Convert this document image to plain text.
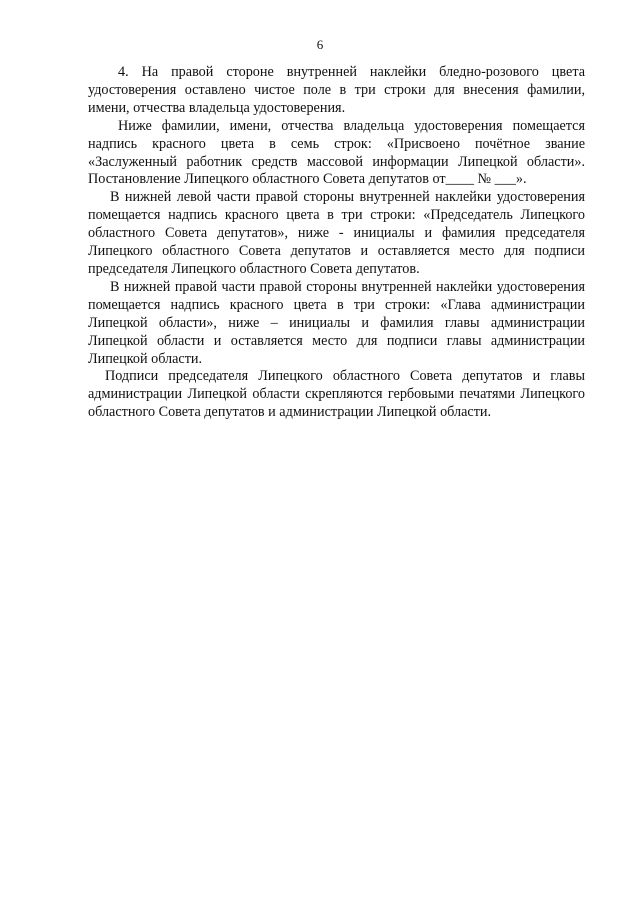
6

4. На правой стороне внутренней наклейки бледно-розового цвета удостоверения оставлено чистое поле в три строки для внесения фамилии, имени, отчества владельца удостоверения.

Ниже фамилии, имени, отчества владельца удостоверения помещается надпись красного цвета в семь строк: «Присвоено почётное звание «Заслуженный работник средств массовой информации Липецкой области». Постановление Липецкого областного Совета депутатов от____ № ___».

В нижней левой части правой стороны внутренней наклейки удостоверения помещается надпись красного цвета в три строки: «Председатель Липецкого областного Совета депутатов», ниже - инициалы и фамилия председателя Липецкого областного Совета депутатов и оставляется место для подписи председателя Липецкого областного Совета депутатов.

В нижней правой части правой стороны внутренней наклейки удостоверения помещается надпись красного цвета в три строки: «Глава администрации Липецкой области», ниже – инициалы и фамилия главы администрации Липецкой области и оставляется место для подписи главы администрации Липецкой области.

Подписи председателя Липецкого областного Совета депутатов и главы администрации Липецкой области скрепляются гербовыми печатями Липецкого областного Совета депутатов и администрации Липецкой области.
